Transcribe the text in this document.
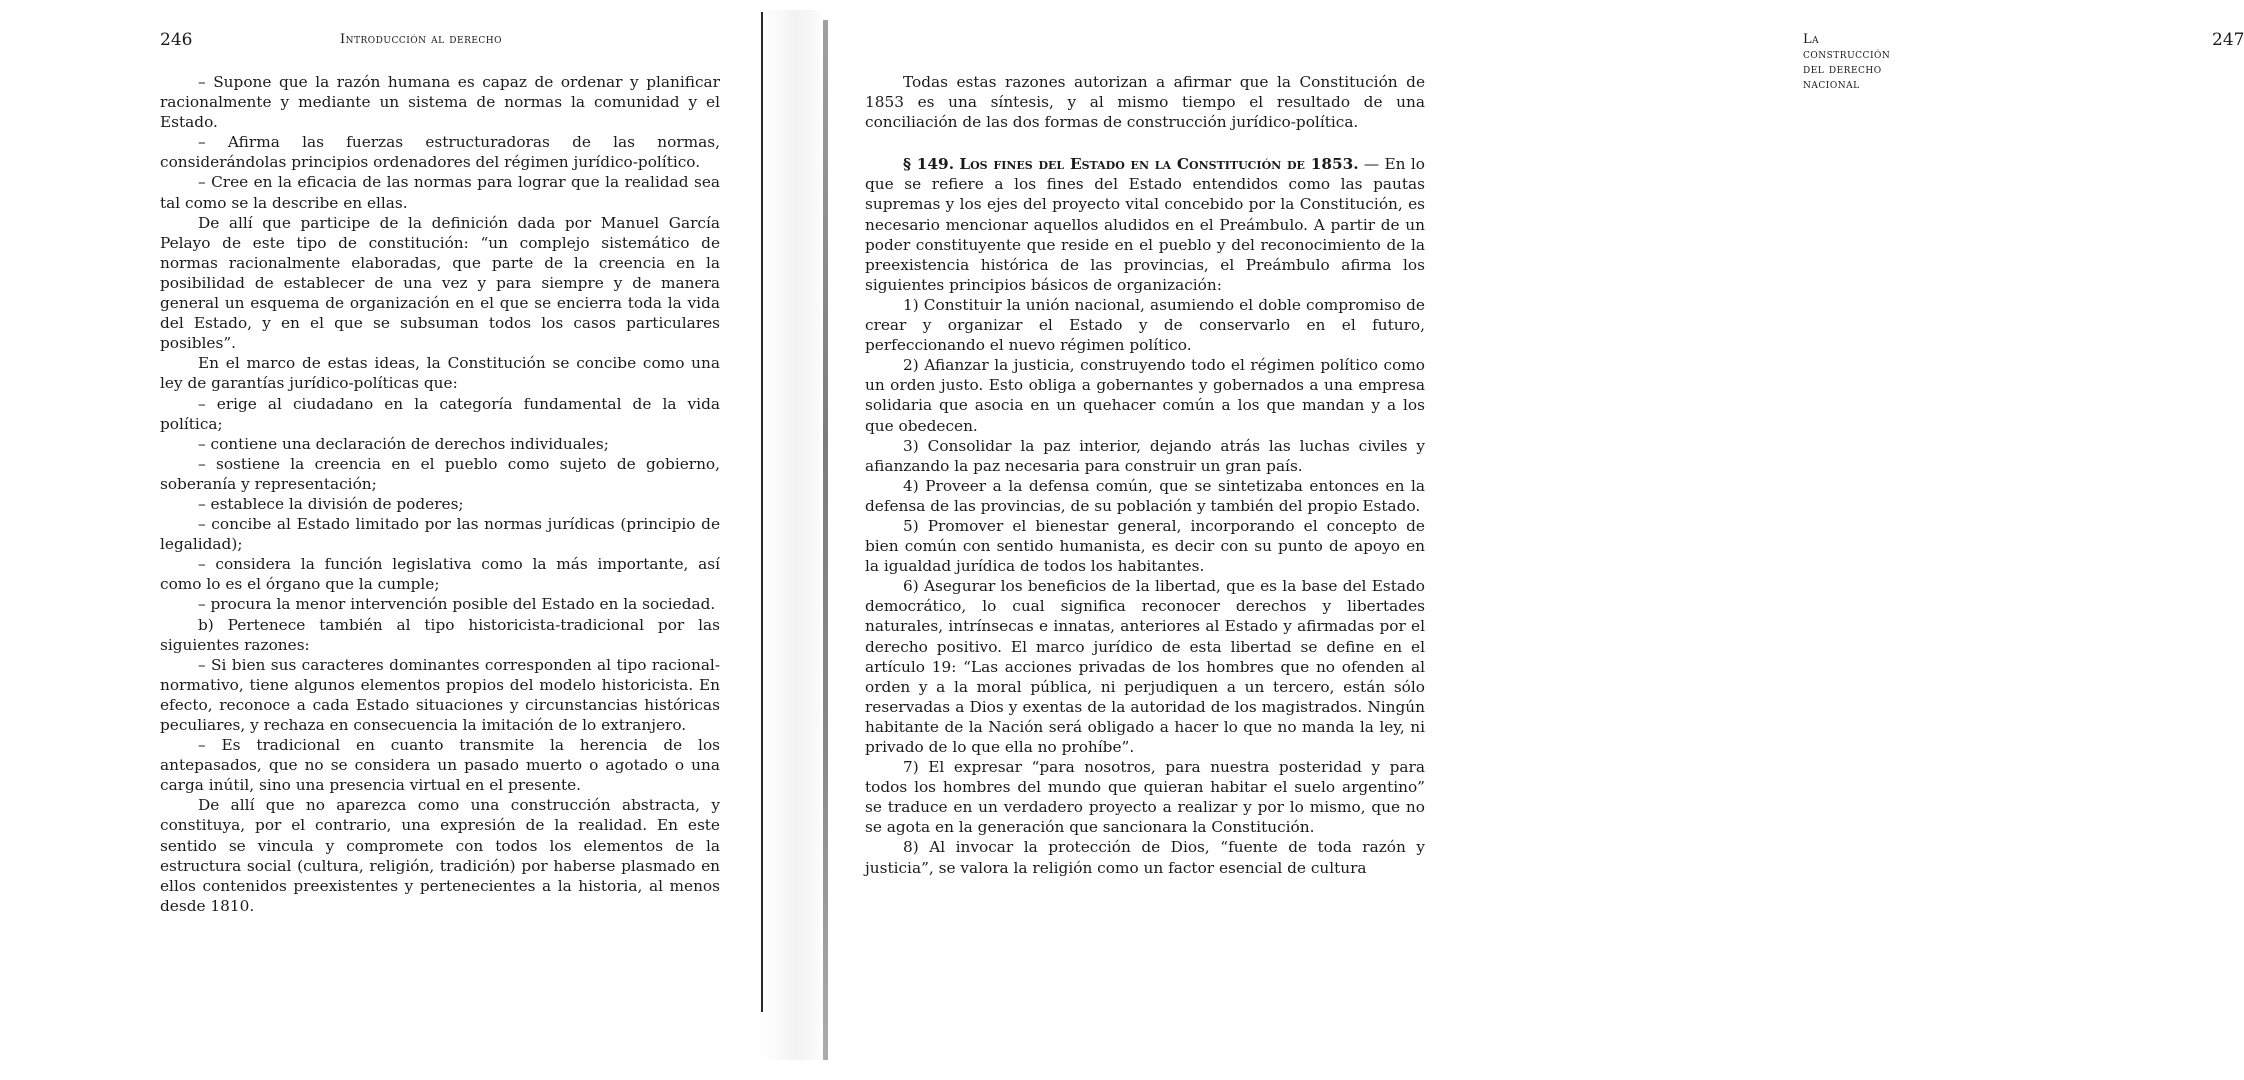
246	Introducción al derecho

– Supone que la razón humana es capaz de ordenar y planificar racionalmente y mediante un sistema de normas la comunidad y el Estado.

– Afirma las fuerzas estructuradoras de las normas, considerándolas principios ordenadores del régimen jurídico-político.

– Cree en la eficacia de las normas para lograr que la realidad sea tal como se la describe en ellas.

De allí que participe de la definición dada por Manuel García Pelayo de este tipo de constitución: “un complejo sistemático de normas racionalmente elaboradas, que parte de la creencia en la posibilidad de establecer de una vez y para siempre y de manera general un esquema de organización en el que se encierra toda la vida del Estado, y en el que se subsuman todos los casos particulares posibles”.

En el marco de estas ideas, la Constitución se concibe como una ley de garantías jurídico-políticas que:

– erige al ciudadano en la categoría fundamental de la vida política;

– contiene una declaración de derechos individuales;

– sostiene la creencia en el pueblo como sujeto de gobierno, soberanía y representación;

– establece la división de poderes;

– concibe al Estado limitado por las normas jurídicas (principio de legalidad);

– considera la función legislativa como la más importante, así como lo es el órgano que la cumple;

– procura la menor intervención posible del Estado en la sociedad.

b) Pertenece también al tipo historicista-tradicional por las siguientes razones:

– Si bien sus caracteres dominantes corresponden al tipo racional-normativo, tiene algunos elementos propios del modelo historicista. En efecto, reconoce a cada Estado situaciones y circunstancias históricas peculiares, y rechaza en consecuencia la imitación de lo extranjero.

– Es tradicional en cuanto transmite la herencia de los antepasados, que no se considera un pasado muerto o agotado o una carga inútil, sino una presencia virtual en el presente.

De allí que no aparezca como una construcción abstracta, y constituya, por el contrario, una expresión de la realidad. En este sentido se vincula y compromete con todos los elementos de la estructura social (cultura, religión, tradición) por haberse plasmado en ellos contenidos preexistentes y pertenecientes a la historia, al menos desde 1810.

La construcción del derecho nacional
247

Todas estas razones autorizan a afirmar que la Constitución de 1853 es una síntesis, y al mismo tiempo el resultado de una conciliación de las dos formas de construcción jurídico-política.

§ 149. Los fines del Estado en la Constitución de 1853. — En lo que se refiere a los fines del Estado entendidos como las pautas supremas y los ejes del proyecto vital concebido por la Constitución, es necesario mencionar aquellos aludidos en el Preámbulo. A partir de un poder constituyente que reside en el pueblo y del reconocimiento de la preexistencia histórica de las provincias, el Preámbulo afirma los siguientes principios básicos de organización:

1) Constituir la unión nacional, asumiendo el doble compromiso de crear y organizar el Estado y de conservarlo en el futuro, perfeccionando el nuevo régimen político.

2) Afianzar la justicia, construyendo todo el régimen político como un orden justo. Esto obliga a gobernantes y gobernados a una empresa solidaria que asocia en un quehacer común a los que mandan y a los que obedecen.

3) Consolidar la paz interior, dejando atrás las luchas civiles y afianzando la paz necesaria para construir un gran país.

4) Proveer a la defensa común, que se sintetizaba entonces en la defensa de las provincias, de su población y también del propio Estado.

5) Promover el bienestar general, incorporando el concepto de bien común con sentido humanista, es decir con su punto de apoyo en la igualdad jurídica de todos los habitantes.

6) Asegurar los beneficios de la libertad, que es la base del Estado democrático, lo cual significa reconocer derechos y libertades naturales, intrínsecas e innatas, anteriores al Estado y afirmadas por el derecho positivo. El marco jurídico de esta libertad se define en el artículo 19: “Las acciones privadas de los hombres que no ofenden al orden y a la moral pública, ni perjudiquen a un tercero, están sólo reservadas a Dios y exentas de la autoridad de los magistrados. Ningún habitante de la Nación será obligado a hacer lo que no manda la ley, ni privado de lo que ella no prohíbe”.

7) El expresar “para nosotros, para nuestra posteridad y para todos los hombres del mundo que quieran habitar el suelo argentino” se traduce en un verdadero proyecto a realizar y por lo mismo, que no se agota en la generación que sancionara la Constitución.

8) Al invocar la protección de Dios, “fuente de toda razón y justicia”, se valora la religión como un factor esencial de cultura
